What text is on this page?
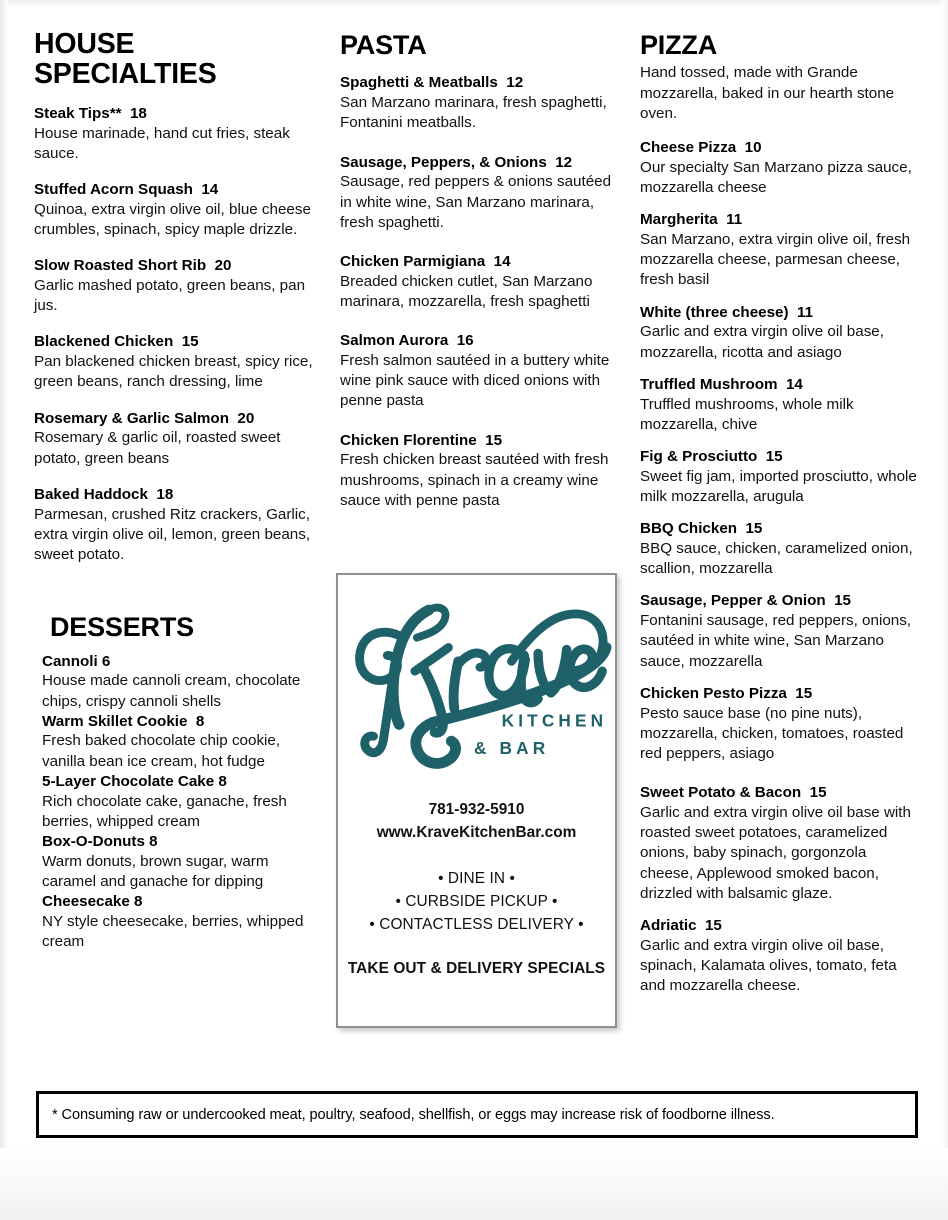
HOUSE SPECIALTIES
Steak Tips**  18
House marinade, hand cut fries, steak sauce.
Stuffed Acorn Squash  14
Quinoa, extra virgin olive oil, blue cheese crumbles, spinach, spicy maple drizzle.
Slow Roasted Short Rib  20
Garlic mashed potato, green beans, pan jus.
Blackened Chicken  15
Pan blackened chicken breast, spicy rice, green beans, ranch dressing, lime
Rosemary & Garlic Salmon  20
Rosemary & garlic oil, roasted sweet potato, green beans
Baked Haddock  18
Parmesan, crushed Ritz crackers, Garlic, extra virgin olive oil, lemon, green beans, sweet potato.
DESSERTS
Cannoli 6
House made cannoli cream, chocolate chips, crispy cannoli shells
Warm Skillet Cookie  8
Fresh baked chocolate chip cookie, vanilla bean ice cream, hot fudge
5-Layer Chocolate Cake 8
Rich chocolate cake, ganache, fresh berries, whipped cream
Box-O-Donuts 8
Warm donuts, brown sugar, warm caramel and ganache for dipping
Cheesecake 8
NY style cheesecake, berries, whipped cream
PASTA
Spaghetti & Meatballs  12
San Marzano marinara, fresh spaghetti, Fontanini meatballs.
Sausage, Peppers, & Onions  12
Sausage, red peppers & onions sautéed in white wine, San Marzano marinara, fresh spaghetti.
Chicken Parmigiana  14
Breaded chicken cutlet, San Marzano marinara, mozzarella, fresh spaghetti
Salmon Aurora  16
Fresh salmon sautéed in a buttery white wine pink sauce with diced onions with penne pasta
Chicken Florentine  15
Fresh chicken breast sautéed with fresh mushrooms, spinach in a creamy wine sauce with penne pasta
PIZZA
Hand tossed, made with Grande mozzarella, baked in our hearth stone oven.
Cheese Pizza  10
Our specialty San Marzano pizza sauce, mozzarella cheese
Margherita  11
San Marzano, extra virgin olive oil, fresh mozzarella cheese, parmesan cheese, fresh basil
White (three cheese)  11
Garlic and extra virgin olive oil base, mozzarella, ricotta and asiago
Truffled Mushroom  14
Truffled mushrooms, whole milk mozzarella, chive
Fig & Prosciutto  15
Sweet fig jam, imported prosciutto, whole milk mozzarella, arugula
BBQ Chicken  15
BBQ sauce, chicken, caramelized onion, scallion, mozzarella
Sausage, Pepper & Onion  15
Fontanini sausage, red peppers, onions, sautéed in white wine, San Marzano sauce, mozzarella
Chicken Pesto Pizza  15
Pesto sauce base (no pine nuts), mozzarella, chicken, tomatoes, roasted red peppers, asiago
Sweet Potato & Bacon  15
Garlic and extra virgin olive oil base with roasted sweet potatoes, caramelized onions, baby spinach, gorgonzola cheese, Applewood smoked bacon, drizzled with balsamic glaze.
Adriatic  15
Garlic and extra virgin olive oil base, spinach, Kalamata olives, tomato, feta and mozzarella cheese.
KITCHEN
& BAR
781-932-5910
www.KraveKitchenBar.com
• DINE IN •
• CURBSIDE PICKUP •
• CONTACTLESS DELIVERY •
TAKE OUT & DELIVERY SPECIALS
* Consuming raw or undercooked meat, poultry, seafood, shellfish, or eggs may increase risk of foodborne illness.
